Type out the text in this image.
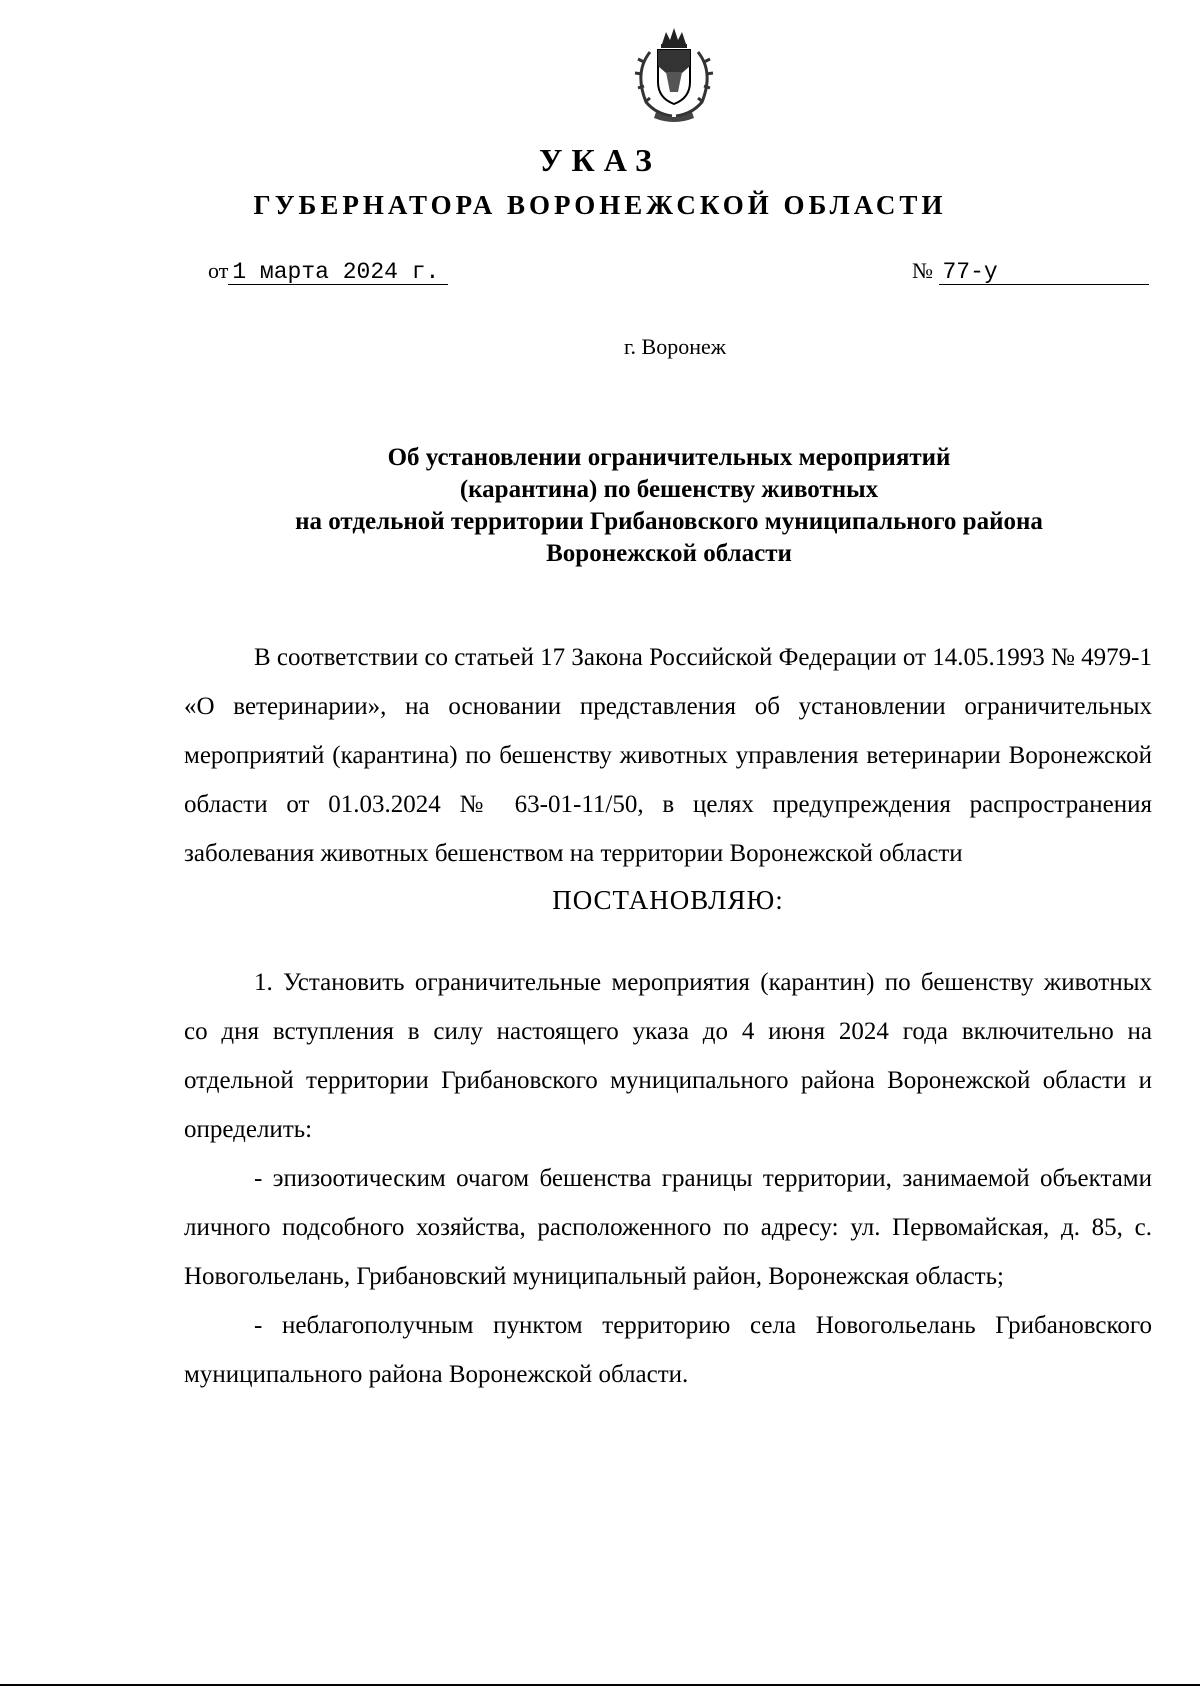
УКАЗ
ГУБЕРНАТОРА ВОРОНЕЖСКОЙ ОБЛАСТИ
от 1 марта 2024 г.	№ 77-у
г. Воронеж
Об установлении ограничительных мероприятий
(карантина) по бешенству животных
на отдельной территории Грибановского муниципального района
Воронежской области

В соответствии со статьей 17 Закона Российской Федерации от 14.05.1993 № 4979-1 «О ветеринарии», на основании представления об установлении ограничительных мероприятий (карантина) по бешенству животных управления ветеринарии Воронежской области от 01.03.2024 № 63-01-11/50, в целях предупреждения распространения заболевания животных бешенством на территории Воронежской области

ПОСТАНОВЛЯЮ:

1. Установить ограничительные мероприятия (карантин) по бешенству животных со дня вступления в силу настоящего указа до 4 июня 2024 года включительно на отдельной территории Грибановского муниципального района Воронежской области и определить:

- эпизоотическим очагом бешенства границы территории, занимаемой объектами личного подсобного хозяйства, расположенного по адресу: ул. Первомайская, д. 85, с. Новогольелань, Грибановский муниципальный район, Воронежская область;

- неблагополучным пунктом территорию села Новогольелань Грибановского муниципального района Воронежской области.
